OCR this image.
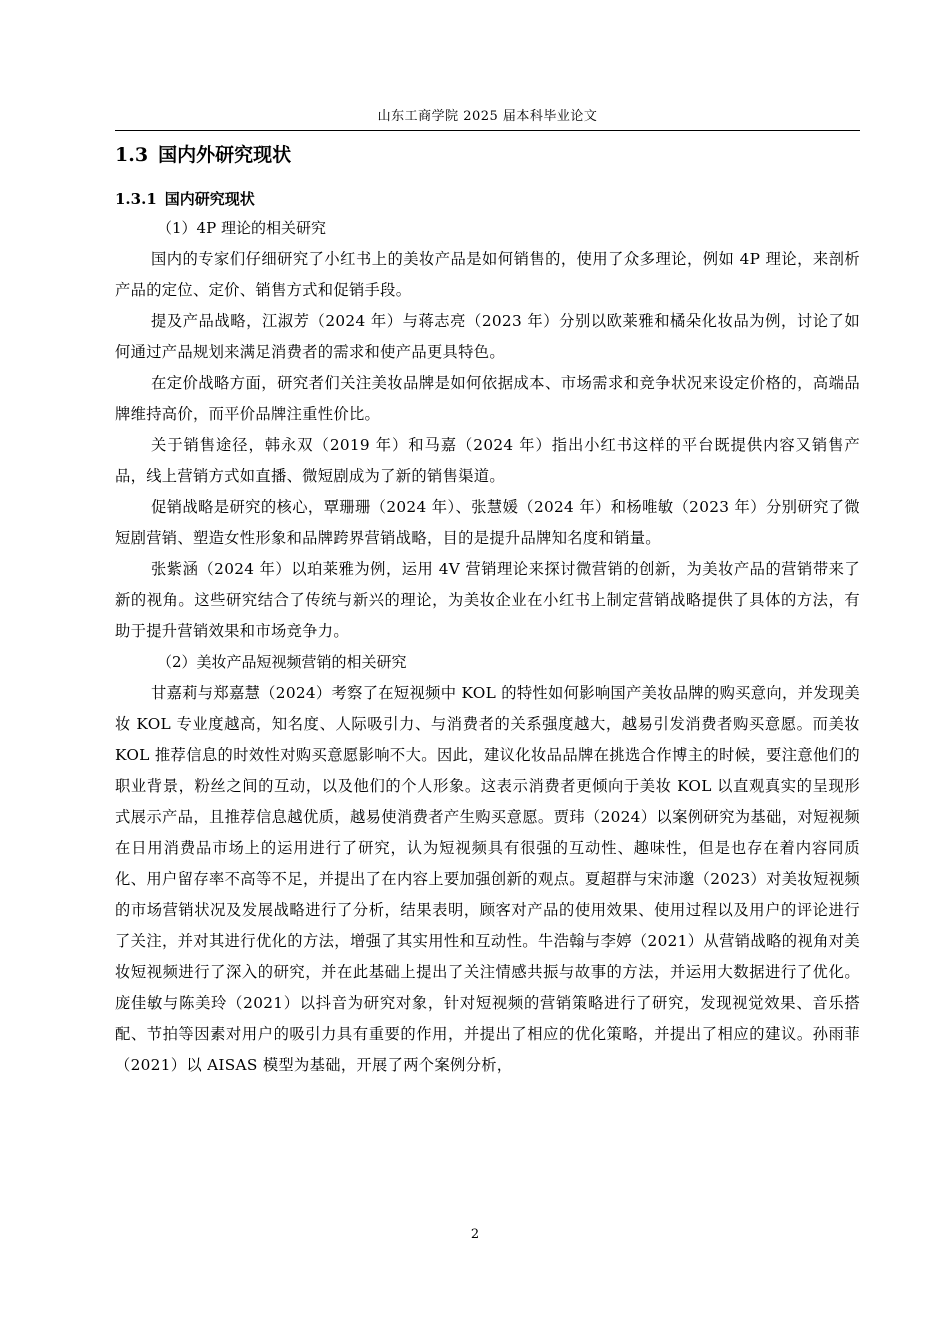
山东工商学院 2025 届本科毕业论文
1.3 国内外研究现状
1.3.1 国内研究现状
（1）4P 理论的相关研究

国内的专家们仔细研究了小红书上的美妆产品是如何销售的，使用了众多理论，例如 4P 理论，来剖析产品的定位、定价、销售方式和促销手段。

提及产品战略，江淑芳（2024 年）与蒋志亮（2023 年）分别以欧莱雅和橘朵化妆品为例，讨论了如何通过产品规划来满足消费者的需求和使产品更具特色。

在定价战略方面，研究者们关注美妆品牌是如何依据成本、市场需求和竞争状况来设定价格的，高端品牌维持高价，而平价品牌注重性价比。

关于销售途径，韩永双（2019 年）和马嘉（2024 年）指出小红书这样的平台既提供内容又销售产品，线上营销方式如直播、微短剧成为了新的销售渠道。

促销战略是研究的核心，覃珊珊（2024 年）、张慧媛（2024 年）和杨唯敏（2023 年）分别研究了微短剧营销、塑造女性形象和品牌跨界营销战略，目的是提升品牌知名度和销量。

张紫涵（2024 年）以珀莱雅为例，运用 4V 营销理论来探讨微营销的创新，为美妆产品的营销带来了新的视角。这些研究结合了传统与新兴的理论，为美妆企业在小红书上制定营销战略提供了具体的方法，有助于提升营销效果和市场竞争力。

（2）美妆产品短视频营销的相关研究

甘嘉莉与郑嘉慧（2024）考察了在短视频中 KOL 的特性如何影响国产美妆品牌的购买意向，并发现美妆 KOL 专业度越高，知名度、人际吸引力、与消费者的关系强度越大，越易引发消费者购买意愿。而美妆 KOL 推荐信息的时效性对购买意愿影响不大。因此，建议化妆品品牌在挑选合作博主的时候，要注意他们的职业背景，粉丝之间的互动，以及他们的个人形象。这表示消费者更倾向于美妆 KOL 以直观真实的呈现形式展示产品，且推荐信息越优质，越易使消费者产生购买意愿。贾玮（2024）以案例研究为基础，对短视频在日用消费品市场上的运用进行了研究，认为短视频具有很强的互动性、趣味性，但是也存在着内容同质化、用户留存率不高等不足，并提出了在内容上要加强创新的观点。夏超群与宋沛邈（2023）对美妆短视频的市场营销状况及发展战略进行了分析，结果表明，顾客对产品的使用效果、使用过程以及用户的评论进行了关注，并对其进行优化的方法，增强了其实用性和互动性。牛浩翰与李婷（2021）从营销战略的视角对美妆短视频进行了深入的研究，并在此基础上提出了关注情感共振与故事的方法，并运用大数据进行了优化。庞佳敏与陈美玲（2021）以抖音为研究对象，针对短视频的营销策略进行了研究，发现视觉效果、音乐搭配、节拍等因素对用户的吸引力具有重要的作用，并提出了相应的优化策略，并提出了相应的建议。孙雨菲（2021）以 AISAS 模型为基础，开展了两个案例分析，

2
